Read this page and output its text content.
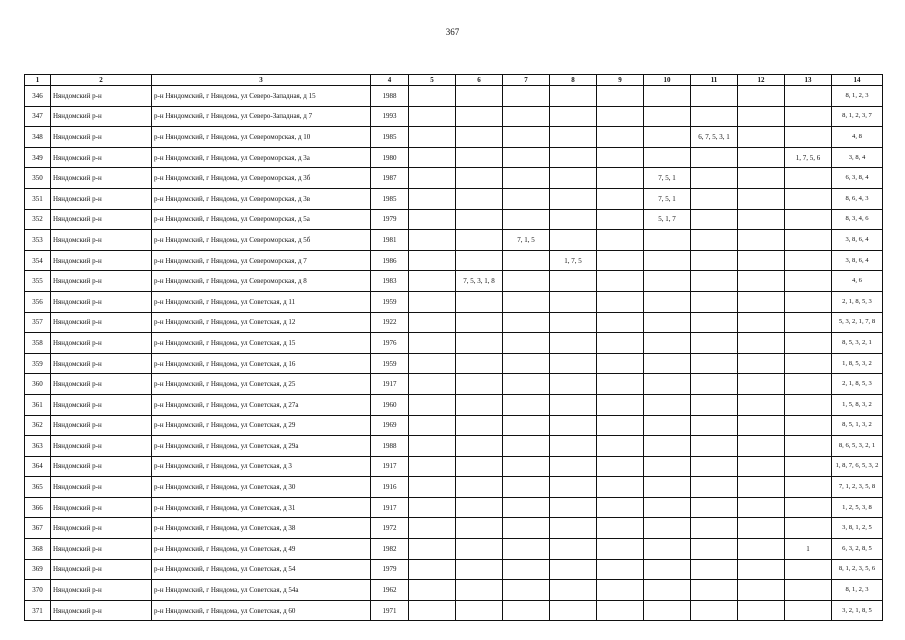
367
1	2	3	4	5	6	7	8	9	10	11	12	13	14
346	Няндомский р-н	р-н Няндомский, г Няндома, ул Северо-Западная, д 15	1988										8, 1, 2, 3
347	Няндомский р-н	р-н Няндомский, г Няндома, ул Северо-Западная, д 7	1993										8, 1, 2, 3, 7
348	Няндомский р-н	р-н Няндомский, г Няндома, ул Североморская, д 10	1985							6, 7, 5, 3, 1			4, 8
349	Няндомский р-н	р-н Няндомский, г Няндома, ул Североморская, д 3а	1980									1, 7, 5, 6	3, 8, 4
350	Няндомский р-н	р-н Няндомский, г Няндома, ул Североморская, д 3б	1987						7, 5, 1				6, 3, 8, 4
351	Няндомский р-н	р-н Няндомский, г Няндома, ул Североморская, д 3в	1985						7, 5, 1				8, 6, 4, 3
352	Няндомский р-н	р-н Няндомский, г Няндома, ул Североморская, д 5а	1979						5, 1, 7				8, 3, 4, 6
353	Няндомский р-н	р-н Няндомский, г Няндома, ул Североморская, д 5б	1981			7, 1, 5							3, 8, 6, 4
354	Няндомский р-н	р-н Няндомский, г Няндома, ул Североморская, д 7	1986				1, 7, 5						3, 8, 6, 4
355	Няндомский р-н	р-н Няндомский, г Няндома, ул Североморская, д 8	1983		7, 5, 3, 1, 8								4, 6
356	Няндомский р-н	р-н Няндомский, г Няндома, ул Советская, д 11	1959										2, 1, 8, 5, 3
357	Няндомский р-н	р-н Няндомский, г Няндома, ул Советская, д 12	1922										5, 3, 2, 1, 7, 8
358	Няндомский р-н	р-н Няндомский, г Няндома, ул Советская, д 15	1976										8, 5, 3, 2, 1
359	Няндомский р-н	р-н Няндомский, г Няндома, ул Советская, д 16	1959										1, 8, 5, 3, 2
360	Няндомский р-н	р-н Няндомский, г Няндома, ул Советская, д 25	1917										2, 1, 8, 5, 3
361	Няндомский р-н	р-н Няндомский, г Няндома, ул Советская, д 27а	1960										1, 5, 8, 3, 2
362	Няндомский р-н	р-н Няндомский, г Няндома, ул Советская, д 29	1969										8, 5, 1, 3, 2
363	Няндомский р-н	р-н Няндомский, г Няндома, ул Советская, д 29а	1988										8, 6, 5, 3, 2, 1
364	Няндомский р-н	р-н Няндомский, г Няндома, ул Советская, д 3	1917										1, 8, 7, 6, 5, 3, 2
365	Няндомский р-н	р-н Няндомский, г Няндома, ул Советская, д 30	1916										7, 1, 2, 3, 5, 8
366	Няндомский р-н	р-н Няндомский, г Няндома, ул Советская, д 31	1917										1, 2, 5, 3, 8
367	Няндомский р-н	р-н Няндомский, г Няндома, ул Советская, д 38	1972										3, 8, 1, 2, 5
368	Няндомский р-н	р-н Няндомский, г Няндома, ул Советская, д 49	1982									1	6, 3, 2, 8, 5
369	Няндомский р-н	р-н Няндомский, г Няндома, ул Советская, д 54	1979										8, 1, 2, 3, 5, 6
370	Няндомский р-н	р-н Няндомский, г Няндома, ул Советская, д 54а	1962										8, 1, 2, 3
371	Няндомский р-н	р-н Няндомский, г Няндома, ул Советская, д 60	1971										3, 2, 1, 8, 5
